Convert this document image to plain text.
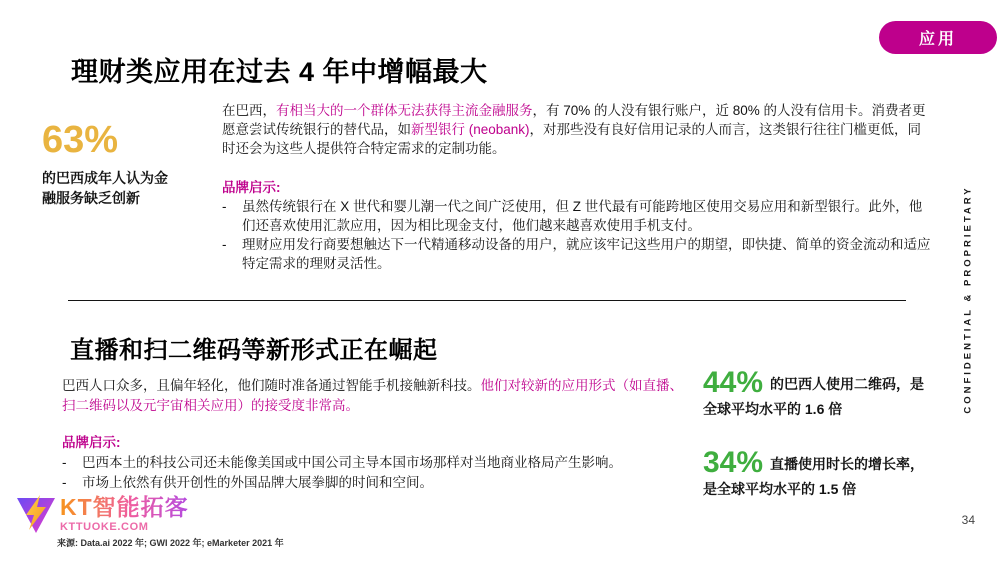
应用
理财类应用在过去 4 年中增幅最大
63%
的巴西成年人认为金融服务缺乏创新

在巴西，有相当大的一个群体无法获得主流金融服务，有 70% 的人没有银行账户，近 80% 的人没有信用卡。消费者更愿意尝试传统银行的替代品，如新型银行 (neobank)，对那些没有良好信用记录的人而言，这类银行往往门槛更低，同时还会为这些人提供符合特定需求的定制功能。

品牌启示:
-	虽然传统银行在 X 世代和婴儿潮一代之间广泛使用，但 Z 世代最有可能跨地区使用交易应用和新型银行。此外，他们还喜欢使用汇款应用，因为相比现金支付，他们越来越喜欢使用手机支付。
-	理财应用发行商要想触达下一代精通移动设备的用户，就应该牢记这些用户的期望，即快捷、简单的资金流动和适应特定需求的理财灵活性。
直播和扫二维码等新形式正在崛起

巴西人口众多，且偏年轻化，他们随时准备通过智能手机接触新科技。他们对较新的应用形式（如直播、扫二维码以及元宇宙相关应用）的接受度非常高。

品牌启示:
-	巴西本土的科技公司还未能像美国或中国公司主导本国市场那样对当地商业格局产生影响。
-	市场上依然有供开创性的外国品牌大展拳脚的时间和空间。
44% 的巴西人使用二维码，是全球平均水平的 1.6 倍
34% 直播使用时长的增长率，是全球平均水平的 1.5 倍
CONFIDENTIAL & PROPRIETARY
KT智能拓客
KTTUOKE.COM
来源: Data.ai 2022 年; GWI 2022 年; eMarketer 2021 年
34
